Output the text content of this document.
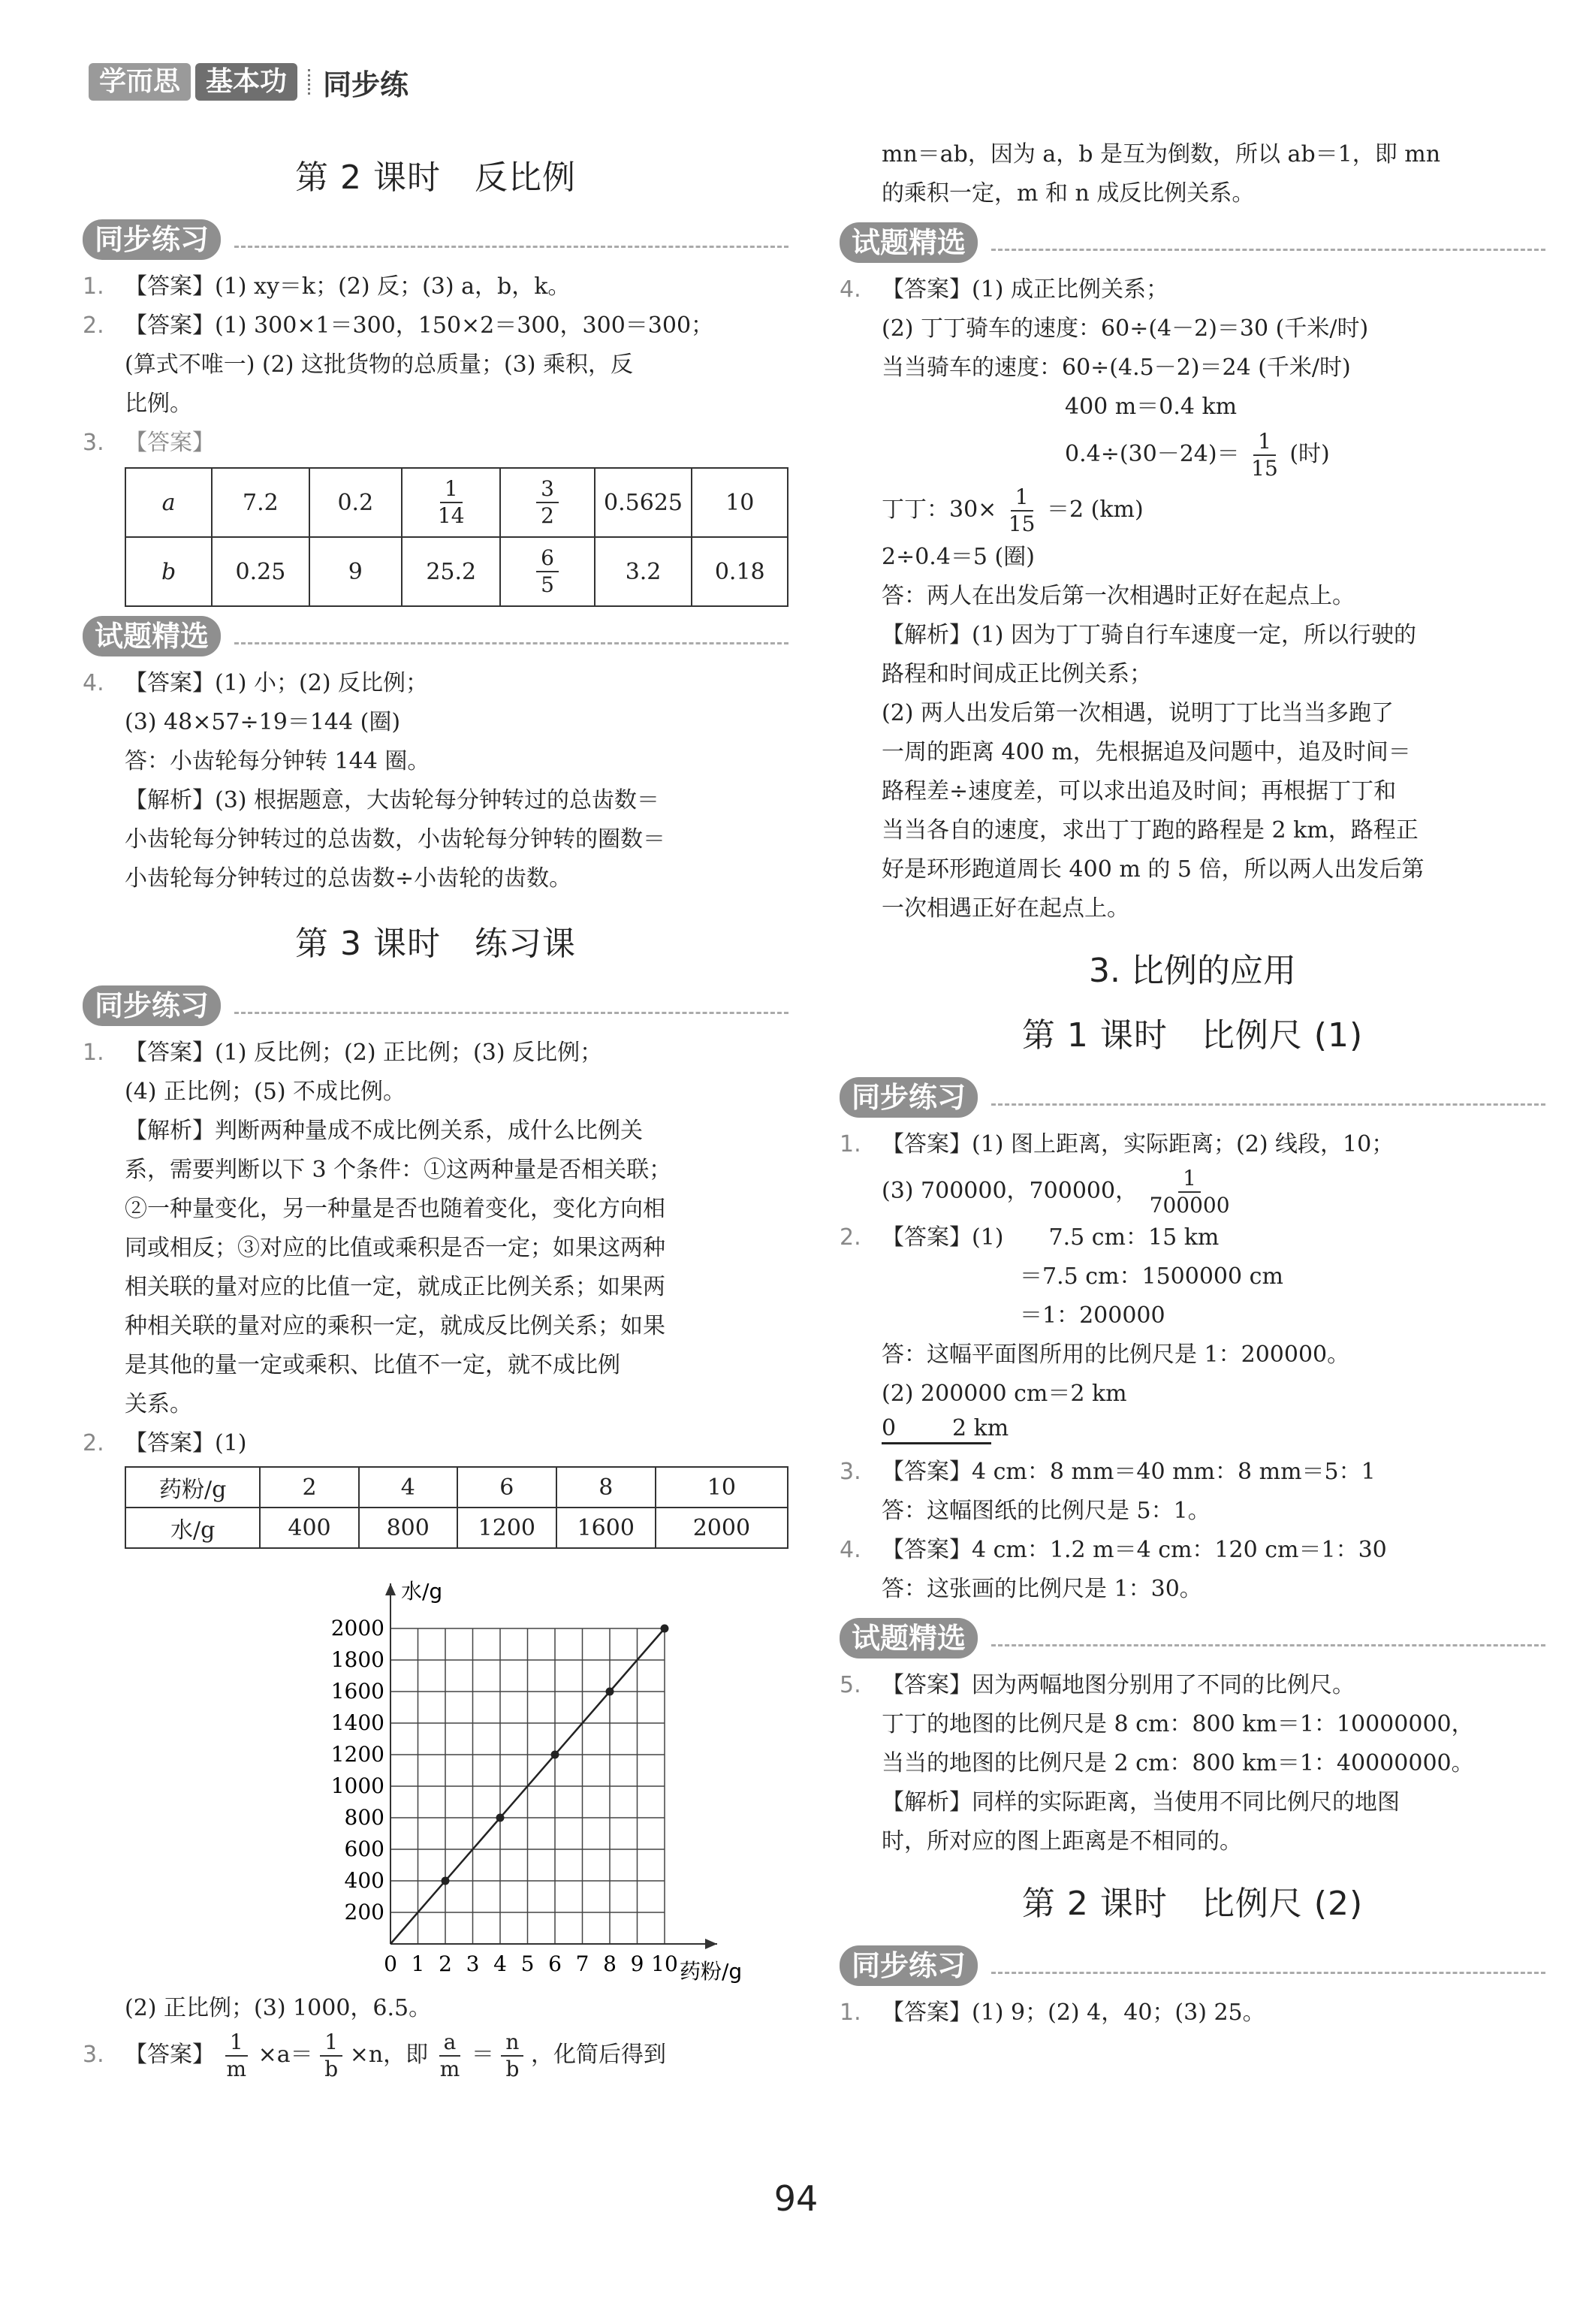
学而思 基本功	同步练
第 2 课时　反比例
同步练习
1. 【答案】(1) xy＝k；(2) 反；(3) a，b，k。
2. 【答案】(1) 300×1＝300，150×2＝300，300＝300；
(算式不唯一) (2) 这批货物的总质量；(3) 乘积，反
比例。
3. 【答案】
a	7.2	0.2	$\frac{1}{14}$	$\frac{3}{2}$	0.5625	10
b	0.25	9	25.2	$\frac{6}{5}$	3.2	0.18
试题精选
4. 【答案】(1) 小；(2) 反比例；
(3) 48×57÷19＝144 (圈)
答：小齿轮每分钟转 144 圈。
【解析】(3) 根据题意，大齿轮每分钟转过的总齿数＝
小齿轮每分钟转过的总齿数，小齿轮每分钟转的圈数＝
小齿轮每分钟转过的总齿数÷小齿轮的齿数。
第 3 课时　练习课
同步练习
1. 【答案】(1) 反比例；(2) 正比例；(3) 反比例；
(4) 正比例；(5) 不成比例。
【解析】判断两种量成不成比例关系，成什么比例关
系，需要判断以下 3 个条件：①这两种量是否相关联；
②一种量变化，另一种量是否也随着变化，变化方向相
同或相反；③对应的比值或乘积是否一定；如果这两种
相关联的量对应的比值一定，就成正比例关系；如果两
种相关联的量对应的乘积一定，就成反比例关系；如果
是其他的量一定或乘积、比值不一定，就不成比例
关系。
2. 【答案】(1)
药粉/g	2	4	6	8	10
水/g	400	800	1200	1600	2000
0 1 2 3 4 5 6 7 8 9 10
200
400
600
800
1000
1200
1400
1600
1800
2000
水/g
药粉/g
(2) 正比例；(3) 1000，6.5。
3. 【答案】 $\frac{1}{m} \times a= \frac{1}{b} \times n$，即 $\frac{a}{m} = \frac{n}{b}$ ，化简后得到
mn＝ab，因为 a，b 是互为倒数，所以 ab＝1，即 mn
的乘积一定，m 和 n 成反比例关系。
试题精选
4. 【答案】(1) 成正比例关系；
(2) 丁丁骑车的速度：60÷(4－2)＝30 (千米/时)
当当骑车的速度：60÷(4.5－2)＝24 (千米/时)
400 m＝0.4 km
$0.4\div(30-24)= \frac{1}{15}$ (时)
丁丁：$30\times \frac{1}{15} =2$ (km)
2÷0.4＝5 (圈)
答：两人在出发后第一次相遇时正好在起点上。
【解析】(1) 因为丁丁骑自行车速度一定，所以行驶的
路程和时间成正比例关系；
(2) 两人出发后第一次相遇，说明丁丁比当当多跑了
一周的距离 400 m，先根据追及问题中，追及时间＝
路程差÷速度差，可以求出追及时间；再根据丁丁和
当当各自的速度，求出丁丁跑的路程是 2 km，路程正
好是环形跑道周长 400 m 的 5 倍，所以两人出发后第
一次相遇正好在起点上。
3. 比例的应用
第 1 课时　比例尺 (1)
同步练习
1. 【答案】(1) 图上距离，实际距离；(2) 线段，10；
(3) 700000，700000， $\frac{1}{700000}$
2. 【答案】(1)　　7.5 cm：15 km
＝7.5 cm：1500000 cm
＝1：200000
答：这幅平面图所用的比例尺是 1：200000。
(2) 200000 cm＝2 km
0 2 km
3. 【答案】4 cm：8 mm＝40 mm：8 mm＝5：1
答：这幅图纸的比例尺是 5：1。
4. 【答案】4 cm：1.2 m＝4 cm：120 cm＝1：30
答：这张画的比例尺是 1：30。
试题精选
5. 【答案】因为两幅地图分别用了不同的比例尺。
丁丁的地图的比例尺是 8 cm：800 km＝1：10000000，
当当的地图的比例尺是 2 cm：800 km＝1：40000000。
【解析】同样的实际距离，当使用不同比例尺的地图
时，所对应的图上距离是不相同的。
第 2 课时　比例尺 (2)
同步练习
1. 【答案】(1) 9；(2) 4，40；(3) 25。
94
